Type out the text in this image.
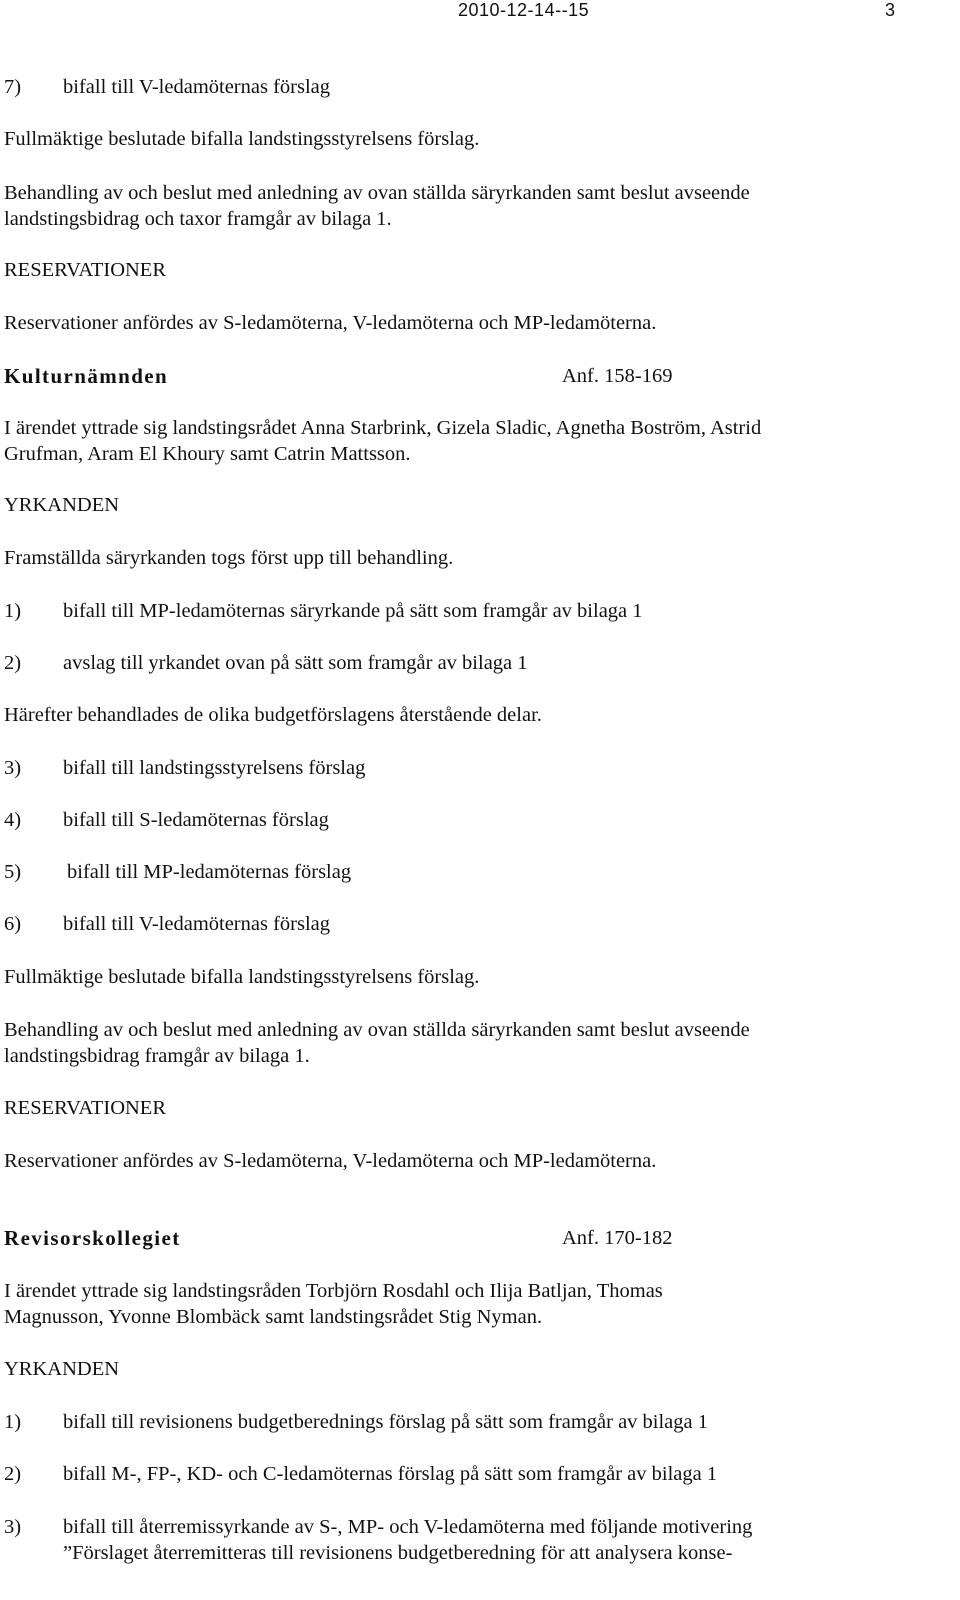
2010-12-14--15	3
7) bifall till V-ledamöternas förslag
Fullmäktige beslutade bifalla landstingsstyrelsens förslag.
Behandling av och beslut med anledning av ovan ställda säryrkanden samt beslut avseende
landstingsbidrag och taxor framgår av bilaga 1.
RESERVATIONER
Reservationer anfördes av S-ledamöterna, V-ledamöterna och MP-ledamöterna.
Kulturnämnden	Anf. 158-169
I ärendet yttrade sig landstingsrådet Anna Starbrink, Gizela Sladic, Agnetha Boström, Astrid
Grufman, Aram El Khoury samt Catrin Mattsson.
YRKANDEN
Framställda säryrkanden togs först upp till behandling.
1) bifall till MP-ledamöternas säryrkande på sätt som framgår av bilaga 1
2) avslag till yrkandet ovan på sätt som framgår av bilaga 1
Härefter behandlades de olika budgetförslagens återstående delar.
3) bifall till landstingsstyrelsens förslag
4) bifall till S-ledamöternas förslag
5) bifall till MP-ledamöternas förslag
6) bifall till V-ledamöternas förslag
Fullmäktige beslutade bifalla landstingsstyrelsens förslag.
Behandling av och beslut med anledning av ovan ställda säryrkanden samt beslut avseende
landstingsbidrag framgår av bilaga 1.
RESERVATIONER
Reservationer anfördes av S-ledamöterna, V-ledamöterna och MP-ledamöterna.
Revisorskollegiet	Anf. 170-182
I ärendet yttrade sig landstingsråden Torbjörn Rosdahl och Ilija Batljan, Thomas
Magnusson, Yvonne Blombäck samt landstingsrådet Stig Nyman.
YRKANDEN
1) bifall till revisionens budgetberednings förslag på sätt som framgår av bilaga 1
2) bifall M-, FP-, KD- och C-ledamöternas förslag på sätt som framgår av bilaga 1
3) bifall till återremissyrkande av S-, MP- och V-ledamöterna med följande motivering
”Förslaget återremitteras till revisionens budgetberedning för att analysera konse-
